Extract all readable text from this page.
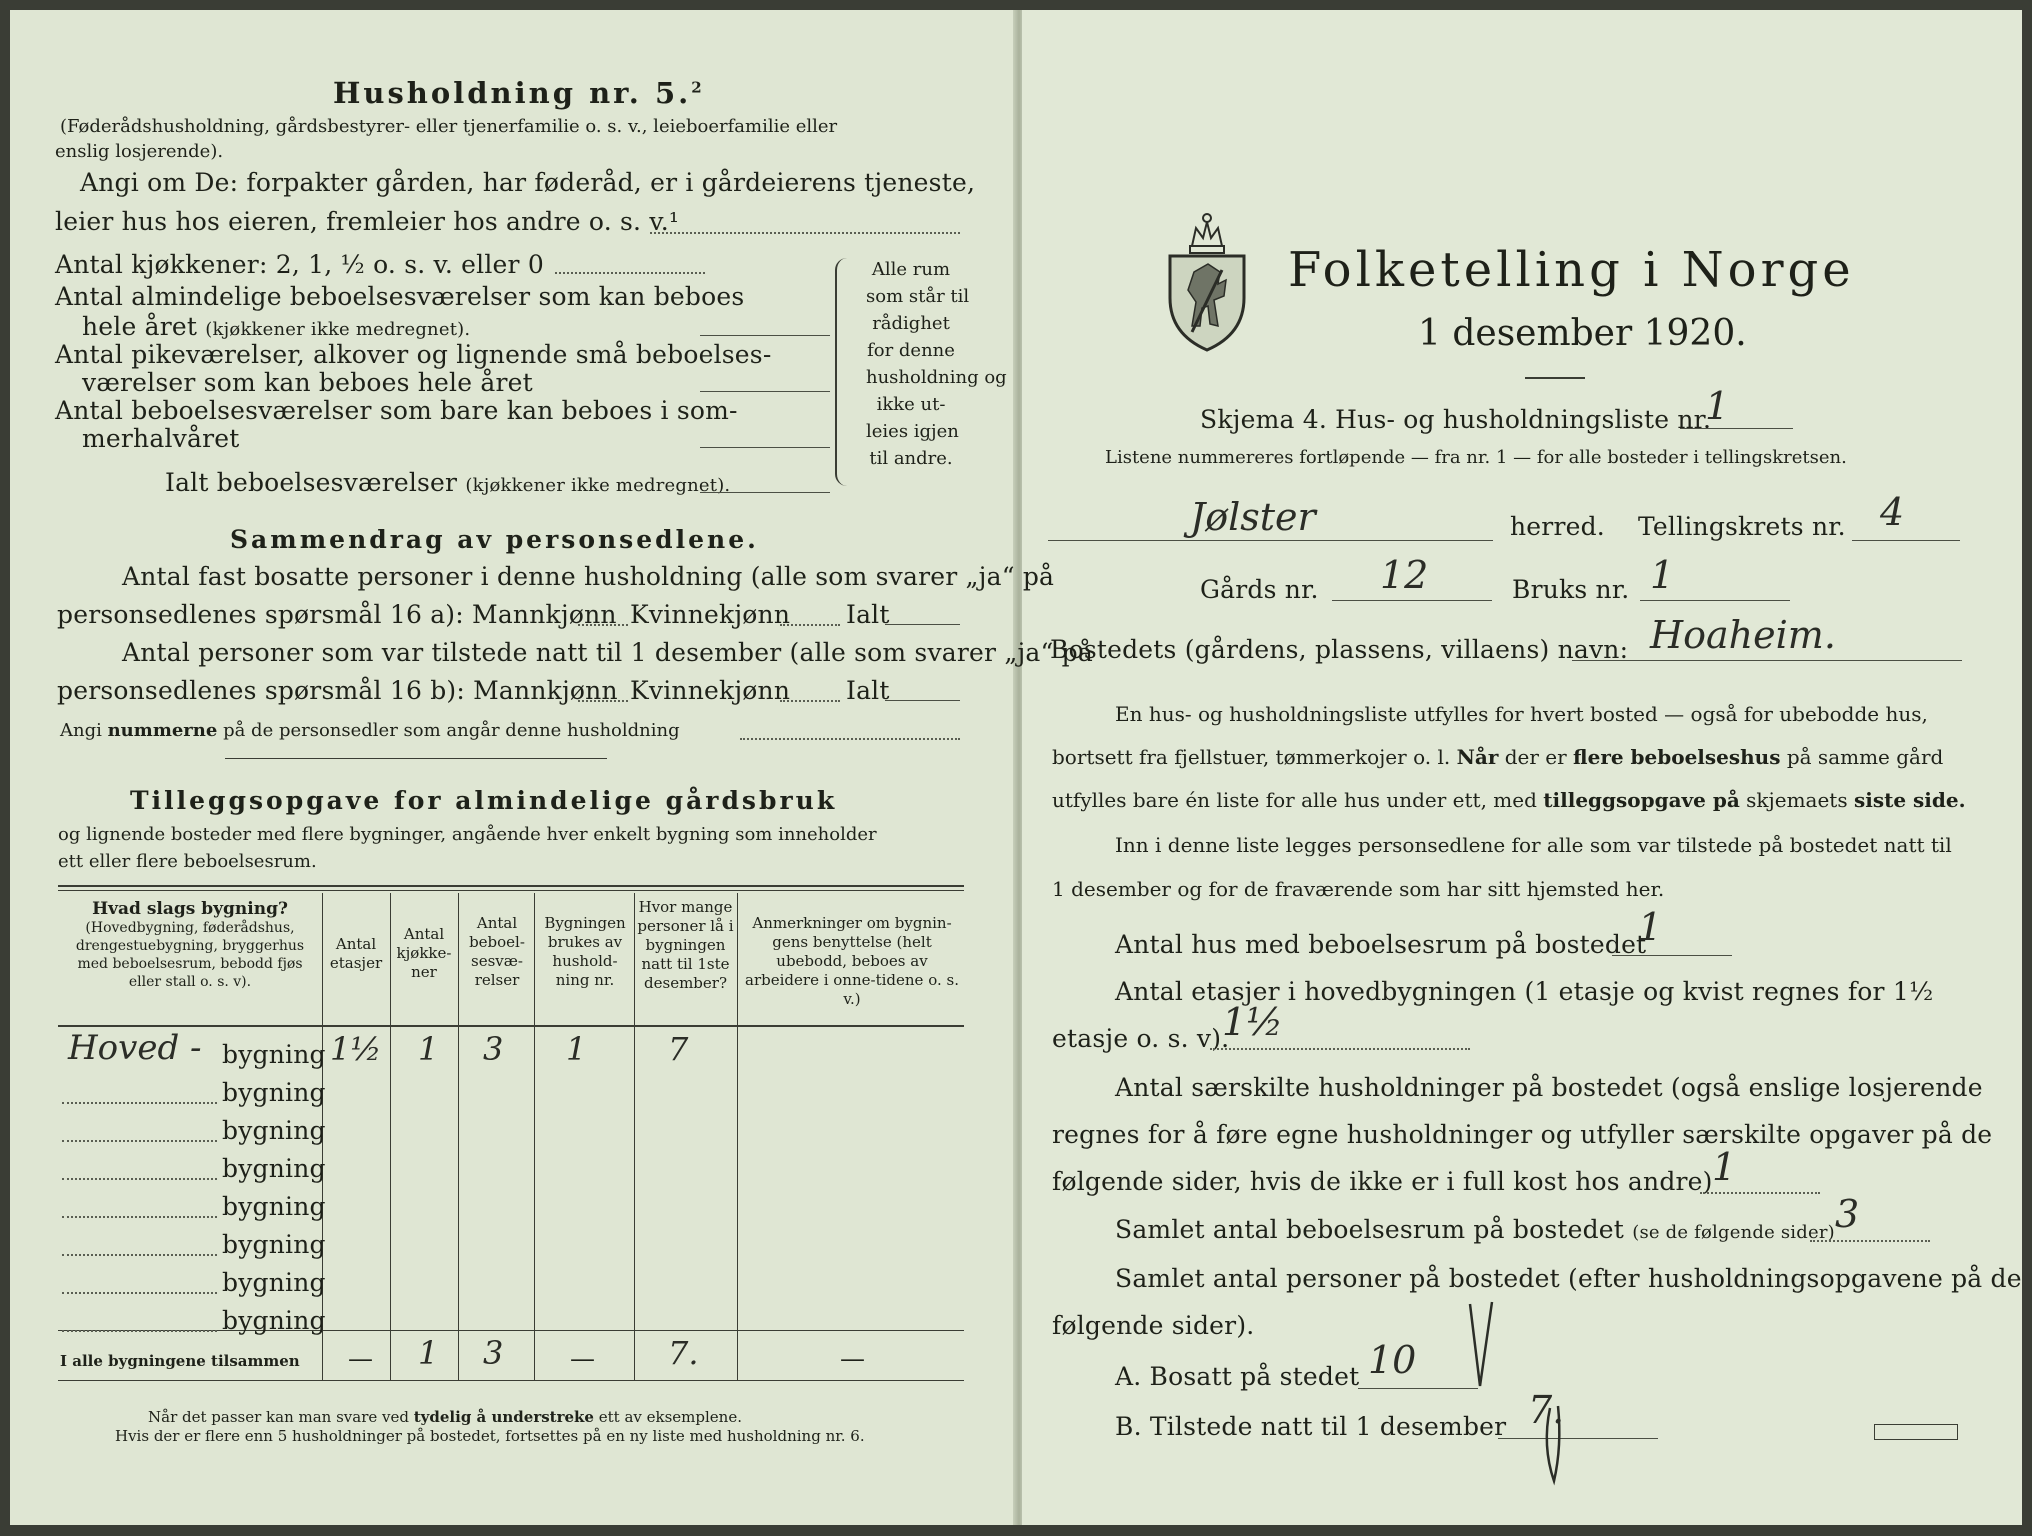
Husholdning nr. 5.$^2$
(Føderådshusholdning, gårdsbestyrer- eller tjenerfamilie o. s. v., leieboerfamilie eller
enslig losjerende).
Angi om De: forpakter gården, har føderåd, er i gårdeierens tjeneste,
leier hus hos eieren, fremleier hos andre o. s. v.¹
Antal kjøkkener: 2, 1, ½ o. s. v. eller 0
Antal almindelige beboelsesværelser som kan beboes
hele året (kjøkkener ikke medregnet).
Antal pikeværelser, alkover og lignende små beboelses-
værelser som kan beboes hele året
Antal beboelsesværelser som bare kan beboes i som-
merhalvåret
Ialt beboelsesværelser (kjøkkener ikke medregnet).
Alle rum
som står til
rådighet
for denne
husholdning og
ikke ut-
leies igjen
til andre.
Sammendrag av personsedlene.
Antal fast bosatte personer i denne husholdning (alle som svarer „ja“ på
personsedlenes spørsmål 16 a): Mannkjønn Kvinnekjønn Ialt
Antal personer som var tilstede natt til 1 desember (alle som svarer „ja“ på
personsedlenes spørsmål 16 b): Mannkjønn Kvinnekjønn Ialt
Angi nummerne på de personsedler som angår denne husholdning
Tilleggsopgave for almindelige gårdsbruk
og lignende bosteder med flere bygninger, angående hver enkelt bygning som inneholder
ett eller flere beboelsesrum.
Hvad slags bygning?
(Hovedbygning, føderådshus, drengestuebygning, bryggerhus med beboelsesrum, bebodd fjøs eller stall o. s. v).
Antal etasjer
Antal kjøkke-ner
Antal beboel-sesvæ-relser
Bygningen brukes av hushold-ning nr.
Hvor mange personer lå i bygningen natt til 1ste desember?
Anmerkninger om bygnin-gens benyttelse (helt ubebodd, beboes av arbeidere i onne-tidene o. s. v.)
Hoved - bygning 1½ 1 3 1	7
bygning
bygning
bygning
bygning
bygning
bygning
bygning
I alle bygningene tilsammen — 1 3	— 7.	—
Når det passer kan man svare ved tydelig å understreke ett av eksemplene.
Hvis der er flere enn 5 husholdninger på bostedet, fortsettes på en ny liste med husholdning nr. 6.
Folketelling i Norge
1 desember 1920.
Skjema 4. Hus- og husholdningsliste nr.
1
Listene nummereres fortløpende — fra nr. 1 — for alle bosteder i tellingskretsen.
Jølster	herred. Tellingskrets nr. 4
Gårds nr. 12	Bruks nr. 1
Bostedets (gårdens, plassens, villaens) navn: Hoaheim.
En hus- og husholdningsliste utfylles for hvert bosted — også for ubebodde hus,
bortsett fra fjellstuer, tømmerkojer o. l. Når der er flere beboelseshus på samme gård
utfylles bare én liste for alle hus under ett, med tilleggsopgave på skjemaets siste side.
Inn i denne liste legges personsedlene for alle som var tilstede på bostedet natt til
1 desember og for de fraværende som har sitt hjemsted her.
Antal hus med beboelsesrum på bostedet
1
Antal etasjer i hovedbygningen (1 etasje og kvist regnes for 1½
etasje o. s. v).
1½
Antal særskilte husholdninger på bostedet (også enslige losjerende
regnes for å føre egne husholdninger og utfyller særskilte opgaver på de
følgende sider, hvis de ikke er i full kost hos andre) 1
Samlet antal beboelsesrum på bostedet (se de følgende sider) 3
Samlet antal personer på bostedet (efter husholdningsopgavene på de
følgende sider).
A. Bosatt på stedet 10
B. Tilstede natt til 1 desember 7.
